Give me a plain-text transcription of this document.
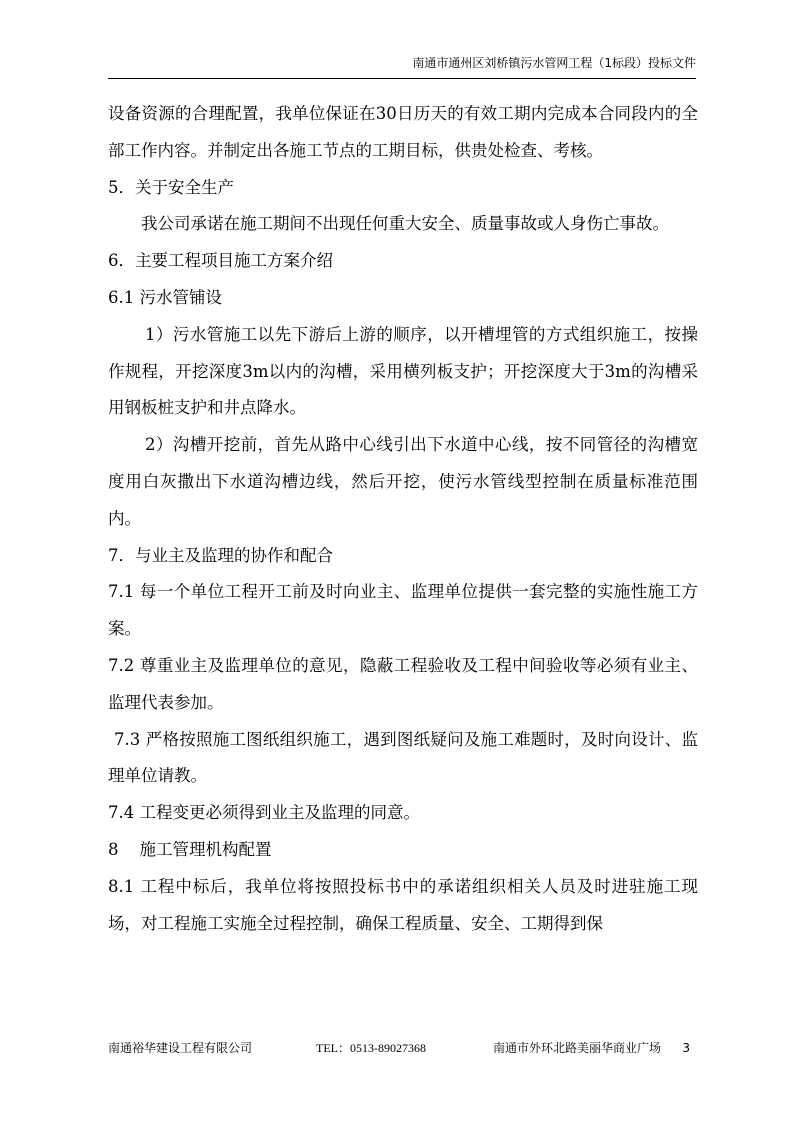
南通市通州区刘桥镇污水管网工程（1标段）投标文件

设备资源的合理配置，我单位保证在30日历天的有效工期内完成本合同段内的全部工作内容。并制定出各施工节点的工期目标，供贵处检查、考核。

5．关于安全生产

我公司承诺在施工期间不出现任何重大安全、质量事故或人身伤亡事故。

6．主要工程项目施工方案介绍

6.1 污水管铺设

1）污水管施工以先下游后上游的顺序，以开槽埋管的方式组织施工，按操作规程，开挖深度3m以内的沟槽，采用横列板支护；开挖深度大于3m的沟槽采用钢板桩支护和井点降水。

2）沟槽开挖前，首先从路中心线引出下水道中心线，按不同管径的沟槽宽度用白灰撒出下水道沟槽边线，然后开挖，使污水管线型控制在质量标准范围内。

7．与业主及监理的协作和配合

7.1 每一个单位工程开工前及时向业主、监理单位提供一套完整的实施性施工方案。

7.2 尊重业主及监理单位的意见，隐蔽工程验收及工程中间验收等必须有业主、监理代表参加。

7.3 严格按照施工图纸组织施工，遇到图纸疑问及施工难题时，及时向设计、监理单位请教。

7.4 工程变更必须得到业主及监理的同意。

8    施工管理机构配置

8.1 工程中标后，我单位将按照投标书中的承诺组织相关人员及时进驻施工现场，对工程施工实施全过程控制，确保工程质量、安全、工期得到保

南通裕华建设工程有限公司	TEL：0513-89027368	南通市外环北路美丽华商业广场 3
